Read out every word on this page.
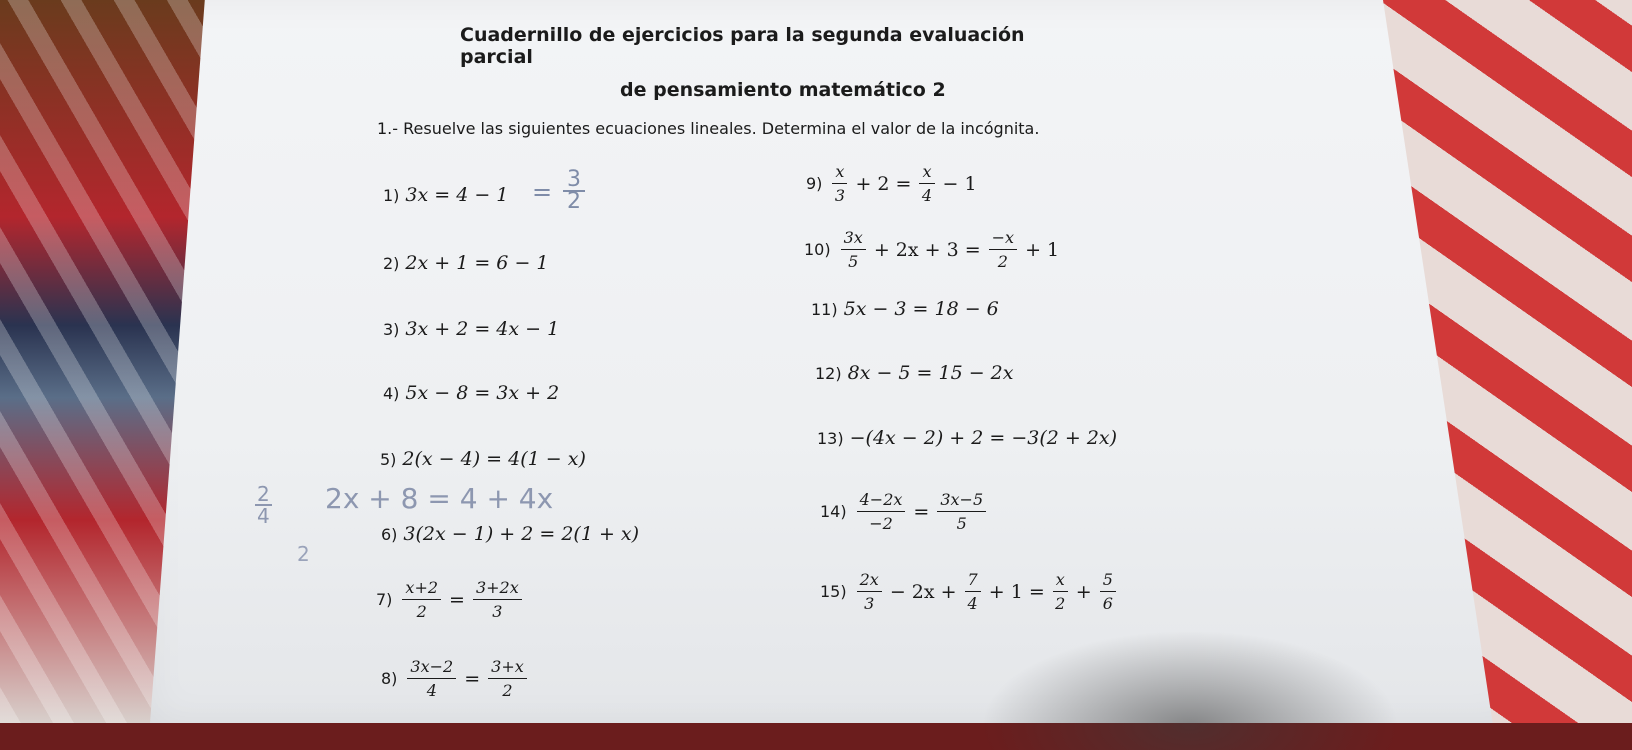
Cuadernillo de ejercicios para la segunda evaluación parcial
de pensamiento matemático 2
1.- Resuelve las siguientes ecuaciones lineales. Determina el valor de la incógnita.
1) 3x = 4 − 1
2) 2x + 1 = 6 − 1
3) 3x + 2 = 4x − 1
4) 5x − 8 = 3x + 2
5) 2(x − 4) = 4(1 − x)
6) 3(2x − 1) + 2 = 2(1 + x)
$7) \frac{x+2}{2} = \frac{3+2x}{3}$
$8) \frac{3x-2}{4} = \frac{3+x}{2}$
$9) \frac{x}{3} + 2 = \frac{x}{4} - 1$
$10) \frac{3x}{5} + 2x + 3 = \frac{-x}{2} + 1$
11) 5x − 3 = 18 − 6
12) 8x − 5 = 15 − 2x
13) −(4x − 2) + 2 = −3(2 + 2x)
$14) \frac{4-2x}{-2} = \frac{3x-5}{5}$
$15) \frac{2x}{3} - 2x + \frac{7}{4} + 1 = \frac{x}{2} + \frac{5}{6}$
= 3
2
2x + 8 = 4 + 4x
2
4
2
